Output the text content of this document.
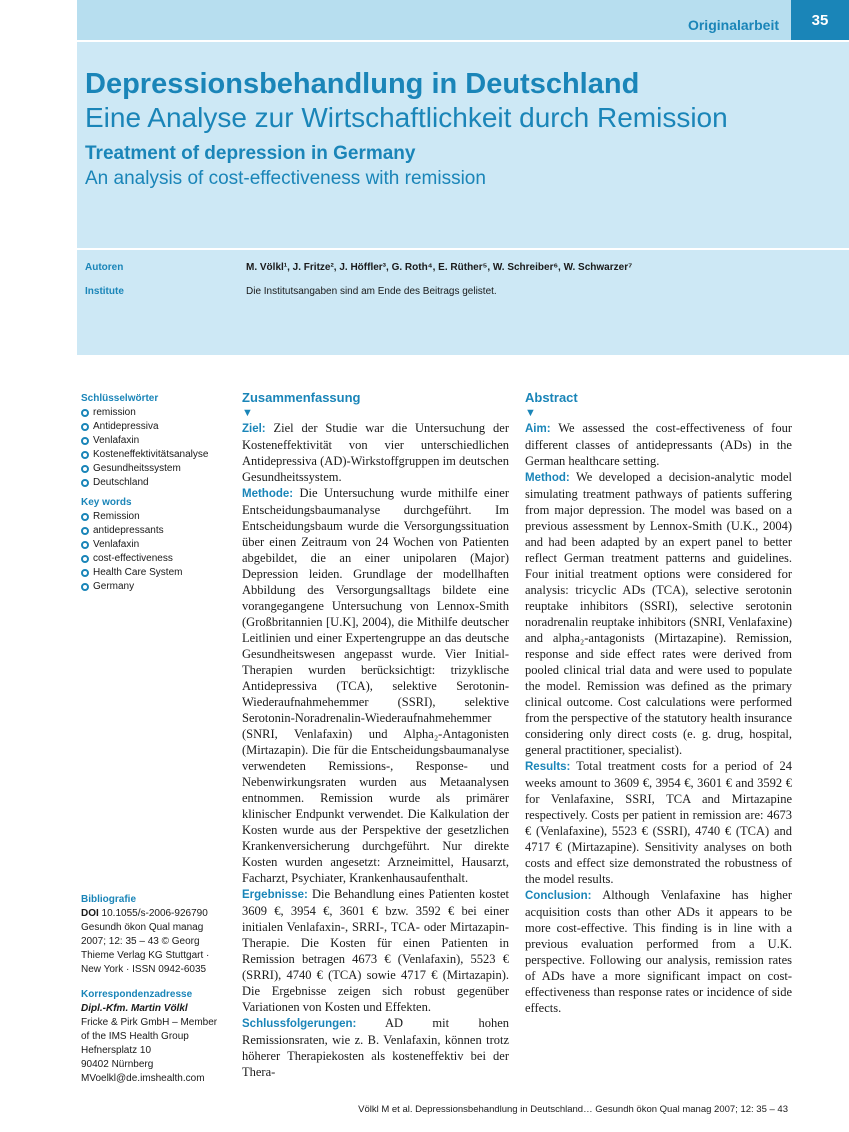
Originalarbeit	35
Depressionsbehandlung in Deutschland
Eine Analyse zur Wirtschaftlichkeit durch Remission
Treatment of depression in Germany
An analysis of cost-effectiveness with remission
Autoren	M. Völkl¹, J. Fritze², J. Höffler³, G. Roth⁴, E. Rüther⁵, W. Schreiber⁶, W. Schwarzer⁷
Institute	Die Institutsangaben sind am Ende des Beitrags gelistet.
Schlüsselwörter
remission
Antidepressiva
Venlafaxin
Kosteneffektivitätsanalyse
Gesundheitssystem
Deutschland
Key words
Remission
antidepressants
Venlafaxin
cost-effectiveness
Health Care System
Germany
Bibliografie
DOI 10.1055/s-2006-926790
Gesundh ökon Qual manag
2007; 12: 35 – 43 © Georg
Thieme Verlag KG Stuttgart ·
New York · ISSN 0942-6035
Korrespondenzadresse
Dipl.-Kfm. Martin Völkl
Fricke & Pirk GmbH – Member
of the IMS Health Group
Hefnersplatz 10
90402 Nürnberg
MVoelkl@de.imshealth.com
Zusammenfassung
▼

Ziel: Ziel der Studie war die Untersuchung der Kosteneffektivität von vier unterschiedlichen Antidepressiva (AD)-Wirkstoffgruppen im deutschen Gesundheitssystem.

Methode: Die Untersuchung wurde mithilfe einer Entscheidungsbaumanalyse durchgeführt. Im Entscheidungsbaum wurde die Versorgungssituation über einen Zeitraum von 24 Wochen von Patienten abgebildet, die an einer unipolaren (Major) Depression leiden. Grundlage der modellhaften Abbildung des Versorgungsalltags bildete eine vorangegangene Untersuchung von Lennox-Smith (Großbritannien [U.K], 2004), die Mithilfe deutscher Leitlinien und einer Expertengruppe an das deutsche Gesundheitswesen angepasst wurde. Vier Initial-Therapien wurden berücksichtigt: trizyklische Antidepressiva (TCA), selektive Serotonin-Wiederaufnahmehemmer (SSRI), selektive Serotonin-Noradrenalin-Wiederaufnahmehemmer (SNRI, Venlafaxin) und Alpha₂-Antagonisten (Mirtazapin). Die für die Entscheidungsbaumanalyse verwendeten Remissions-, Response- und Nebenwirkungsraten wurden aus Metaanalysen entnommen. Remission wurde als primärer klinischer Endpunkt verwendet. Die Kalkulation der Kosten wurde aus der Perspektive der gesetzlichen Krankenversicherung durchgeführt. Nur direkte Kosten wurden angesetzt: Arzneimittel, Hausarzt, Facharzt, Psychiater, Krankenhausaufenthalt.

Ergebnisse: Die Behandlung eines Patienten kostet 3609 €, 3954 €, 3601 € bzw. 3592 € bei einer initialen Venlafaxin-, SRRI-, TCA- oder Mirtazapin-Therapie. Die Kosten für einen Patienten in Remission betragen 4673 € (Venlafaxin), 5523 € (SRRI), 4740 € (TCA) sowie 4717 € (Mirtazapin). Die Ergebnisse zeigen sich robust gegenüber Variationen von Kosten und Effekten.

Schlussfolgerungen: AD mit hohen Remissionsraten, wie z. B. Venlafaxin, können trotz höherer Therapiekosten als kosteneffektiv bei der Thera-

Abstract
▼

Aim: We assessed the cost-effectiveness of four different classes of antidepressants (ADs) in the German healthcare setting.

Method: We developed a decision-analytic model simulating treatment pathways of patients suffering from major depression. The model was based on a previous assessment by Lennox-Smith (U.K., 2004) and had been adapted by an expert panel to better reflect German treatment patterns and guidelines. Four initial treatment options were considered for analysis: tricyclic ADs (TCA), selective serotonin reuptake inhibitors (SSRI), selective serotonin noradrenalin reuptake inhibitors (SNRI, Venlafaxine) and alpha₂-antagonists (Mirtazapine). Remission, response and side effect rates were derived from pooled clinical trial data and were used to populate the model. Remission was defined as the primary clinical outcome. Cost calculations were performed from the perspective of the statutory health insurance considering only direct costs (e. g. drug, hospital, general practitioner, specialist).

Results: Total treatment costs for a period of 24 weeks amount to 3609 €, 3954 €, 3601 € and 3592 € for Venlafaxine, SSRI, TCA and Mirtazapine respectively. Costs per patient in remission are: 4673 € (Venlafaxine), 5523 € (SSRI), 4740 € (TCA) and 4717 € (Mirtazapine). Sensitivity analyses on both costs and effect size demonstrated the robustness of the model results.

Conclusion: Although Venlafaxine has higher acquisition costs than other ADs it appears to be more cost-effective. This finding is in line with a previous evaluation performed from a U.K. perspective. Following our analysis, remission rates of ADs have a more significant impact on cost-effectiveness than response rates or incidence of side effects.

Völkl M et al. Depressionsbehandlung in Deutschland… Gesundh ökon Qual manag 2007; 12: 35 – 43
